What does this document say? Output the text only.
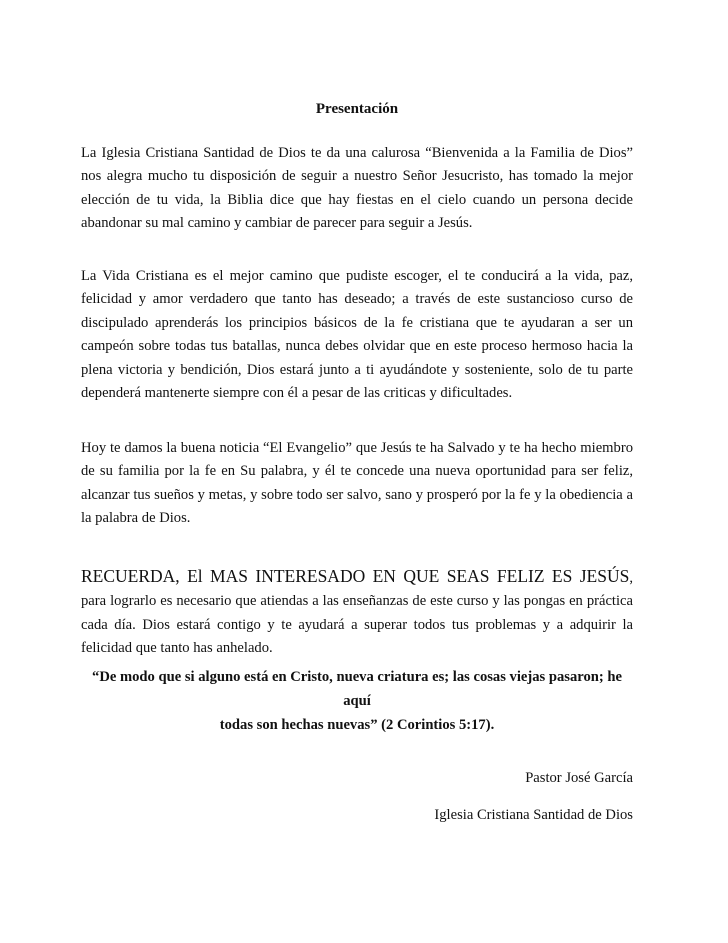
Presentación
La Iglesia Cristiana Santidad de Dios te da una calurosa “Bienvenida a la Familia de Dios” nos alegra mucho tu disposición de seguir a nuestro Señor Jesucristo, has tomado la mejor elección de tu vida, la Biblia dice que hay fiestas en el cielo cuando un persona decide abandonar su mal camino y cambiar de parecer para seguir a Jesús.
La Vida Cristiana es el mejor camino que pudiste escoger, el te conducirá a la vida, paz, felicidad y amor verdadero que tanto has deseado; a través de este sustancioso curso de discipulado aprenderás los principios básicos de la fe cristiana que te ayudaran a ser un campeón sobre todas tus batallas, nunca debes olvidar que en este proceso hermoso hacia la plena victoria y bendición, Dios estará junto a ti ayudándote y sosteniente, solo de tu parte dependerá mantenerte siempre con él a pesar de las criticas y dificultades.
Hoy te damos la buena noticia “El Evangelio” que Jesús te ha Salvado y te ha hecho miembro de su familia por la fe en Su palabra, y él te concede una nueva oportunidad para ser feliz, alcanzar tus sueños y metas, y sobre todo ser salvo, sano y prosperó por la fe y la obediencia a la palabra de Dios.
RECUERDA, El MAS INTERESADO EN QUE SEAS FELIZ ES JESÚS, para lograrlo es necesario que atiendas a las enseñanzas de este curso y las pongas en práctica cada día. Dios estará contigo y te ayudará a superar todos tus problemas y a adquirir la felicidad que tanto has anhelado.
“De modo que si alguno está en Cristo, nueva criatura es; las cosas viejas pasaron; he aquí
todas son hechas nuevas” (2 Corintios 5:17).
Pastor José García
Iglesia Cristiana Santidad de Dios
